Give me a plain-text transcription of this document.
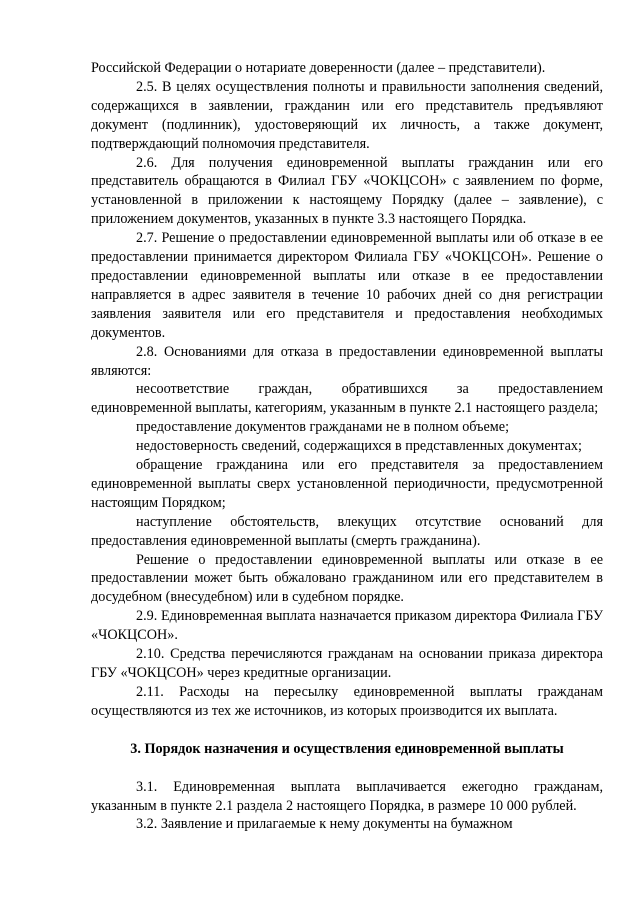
Российской Федерации о нотариате доверенности (далее – представители).

2.5. В целях осуществления полноты и правильности заполнения сведений, содержащихся в заявлении, гражданин или его представитель предъявляют документ (подлинник), удостоверяющий их личность, а также документ, подтверждающий полномочия представителя.

2.6. Для получения единовременной выплаты гражданин или его представитель обращаются в Филиал ГБУ «ЧОКЦСОН» с заявлением по форме, установленной в приложении к настоящему Порядку (далее – заявление), с приложением документов, указанных в пункте 3.3 настоящего Порядка.

2.7. Решение о предоставлении единовременной выплаты или об отказе в ее предоставлении принимается директором Филиала ГБУ «ЧОКЦСОН». Решение о предоставлении единовременной выплаты или отказе в ее предоставлении направляется в адрес заявителя в течение 10 рабочих дней со дня регистрации заявления заявителя или его представителя и предоставления необходимых документов.

2.8. Основаниями для отказа в предоставлении единовременной выплаты являются:

несоответствие граждан, обратившихся за предоставлением единовременной выплаты, категориям, указанным в пункте 2.1 настоящего раздела;

предоставление документов гражданами не в полном объеме;

недостоверность сведений, содержащихся в представленных документах;

обращение гражданина или его представителя за предоставлением единовременной выплаты сверх установленной периодичности, предусмотренной настоящим Порядком;

наступление обстоятельств, влекущих отсутствие оснований для предоставления единовременной выплаты (смерть гражданина).

Решение о предоставлении единовременной выплаты или отказе в ее предоставлении может быть обжаловано гражданином или его представителем в досудебном (внесудебном) или в судебном порядке.

2.9. Единовременная выплата назначается приказом директора Филиала ГБУ «ЧОКЦСОН».

2.10. Средства перечисляются гражданам на основании приказа директора ГБУ «ЧОКЦСОН» через кредитные организации.

2.11. Расходы на пересылку единовременной выплаты гражданам осуществляются из тех же источников, из которых производится их выплата.

3. Порядок назначения и осуществления единовременной выплаты

3.1. Единовременная выплата выплачивается ежегодно гражданам, указанным в пункте 2.1 раздела 2 настоящего Порядка, в размере 10 000 рублей.

3.2. Заявление и прилагаемые к нему документы на бумажном
